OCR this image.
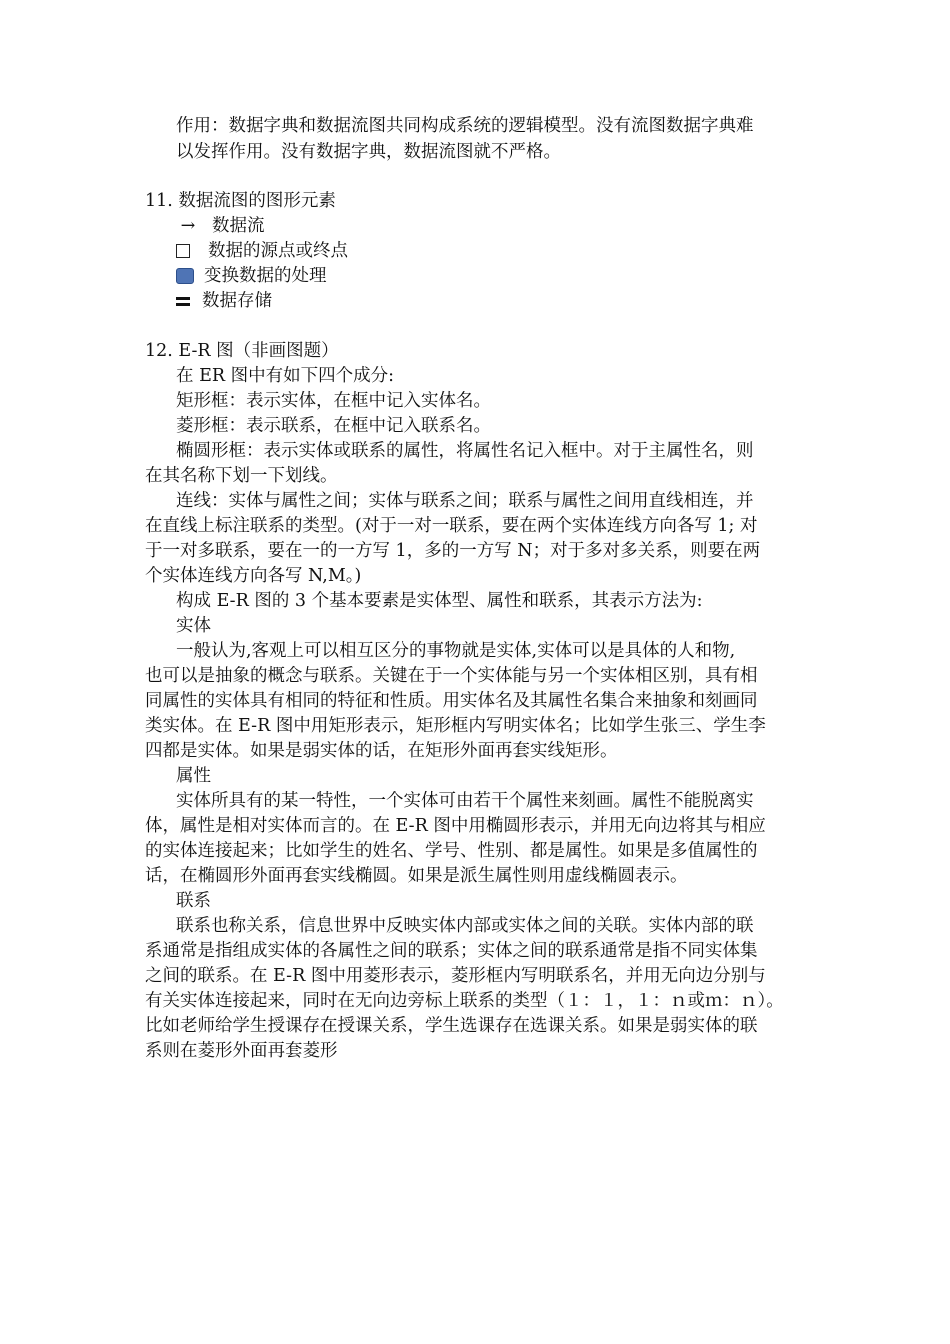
作用：数据字典和数据流图共同构成系统的逻辑模型。没有流图数据字典难
以发挥作用。没有数据字典，数据流图就不严格。
11. 数据流图的图形元素
→ 数据流
数据的源点或终点
变换数据的处理
数据存储
12. E-R 图（非画图题）
在 ER 图中有如下四个成分:
矩形框：表示实体，在框中记入实体名。
菱形框：表示联系，在框中记入联系名。
椭圆形框：表示实体或联系的属性，将属性名记入框中。对于主属性名，则
在其名称下划一下划线。
连线：实体与属性之间；实体与联系之间；联系与属性之间用直线相连，并
在直线上标注联系的类型。(对于一对一联系，要在两个实体连线方向各写 1; 对
于一对多联系，要在一的一方写 1，多的一方写 N；对于多对多关系，则要在两
个实体连线方向各写 N,M。)
构成 E-R 图的 3 个基本要素是实体型、属性和联系，其表示方法为:
实体
一般认为,客观上可以相互区分的事物就是实体,实体可以是具体的人和物,
也可以是抽象的概念与联系。关键在于一个实体能与另一个实体相区别，具有相
同属性的实体具有相同的特征和性质。用实体名及其属性名集合来抽象和刻画同
类实体。在 E-R 图中用矩形表示，矩形框内写明实体名；比如学生张三、学生李
四都是实体。如果是弱实体的话，在矩形外面再套实线矩形。
属性
实体所具有的某一特性，一个实体可由若干个属性来刻画。属性不能脱离实
体，属性是相对实体而言的。在 E-R 图中用椭圆形表示，并用无向边将其与相应
的实体连接起来；比如学生的姓名、学号、性别、都是属性。如果是多值属性的
话，在椭圆形外面再套实线椭圆。如果是派生属性则用虚线椭圆表示。
联系
联系也称关系，信息世界中反映实体内部或实体之间的关联。实体内部的联
系通常是指组成实体的各属性之间的联系；实体之间的联系通常是指不同实体集
之间的联系。在 E-R 图中用菱形表示，菱形框内写明联系名，并用无向边分别与
有关实体连接起来，同时在无向边旁标上联系的类型（１：１，１：ｎ或ｍ：ｎ）。
比如老师给学生授课存在授课关系，学生选课存在选课关系。如果是弱实体的联
系则在菱形外面再套菱形
